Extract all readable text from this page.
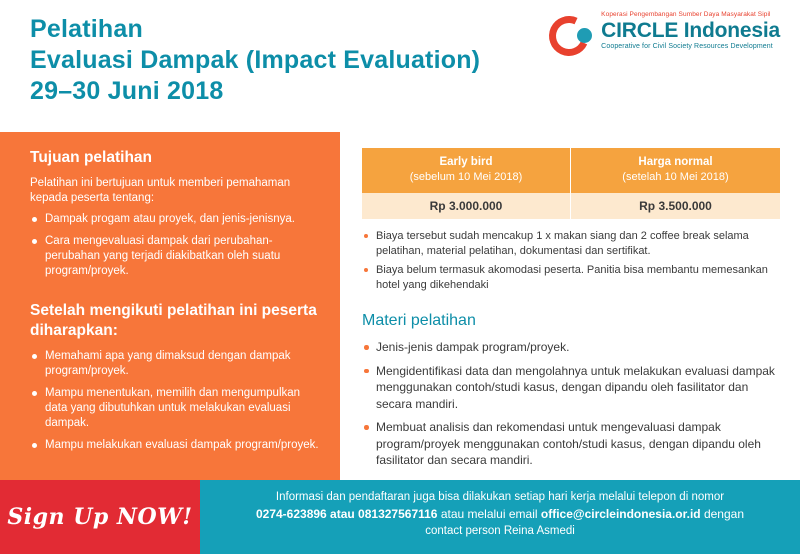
Pelatihan
Evaluasi Dampak (Impact Evaluation)
29–30 Juni 2018
Koperasi Pengembangan Sumber Daya Masyarakat Sipil
CIRCLE Indonesia
Cooperative for Civil Society Resources Development
Tujuan pelatihan
Pelatihan ini bertujuan untuk memberi pemahaman kepada peserta tentang:
Dampak progam atau proyek, dan jenis-jenisnya.
Cara mengevaluasi dampak dari perubahan-perubahan yang terjadi diakibatkan oleh suatu program/proyek.
Setelah mengikuti pelatihan ini peserta diharapkan:
Memahami apa yang dimaksud dengan dampak program/proyek.
Mampu menentukan, memilih dan mengumpulkan data yang dibutuhkan untuk melakukan evaluasi dampak.
Mampu melakukan evaluasi dampak program/proyek.
Early bird
(sebelum 10 Mei 2018)
Rp 3.000.000
Harga normal
(setelah 10 Mei 2018)
Rp 3.500.000
Biaya tersebut sudah mencakup 1 x makan siang dan 2 coffee break selama pelatihan, material pelatihan, dokumentasi dan sertifikat.
Biaya belum termasuk akomodasi peserta. Panitia bisa membantu memesankan hotel yang dikehendaki
Materi pelatihan
Jenis-jenis dampak program/proyek.
Mengidentifikasi data dan mengolahnya untuk melakukan evaluasi dampak menggunakan contoh/studi kasus, dengan dipandu oleh fasilitator dan secara mandiri.
Membuat analisis dan rekomendasi untuk mengevaluasi dampak program/proyek menggunakan contoh/studi kasus, dengan dipandu oleh fasilitator dan secara mandiri.
Sign Up NOW!
Informasi dan pendaftaran juga bisa dilakukan setiap hari kerja melalui telepon di nomor
0274-623896 atau 081327567116 atau melalui email office@circleindonesia.or.id dengan
contact person Reina Asmedi
